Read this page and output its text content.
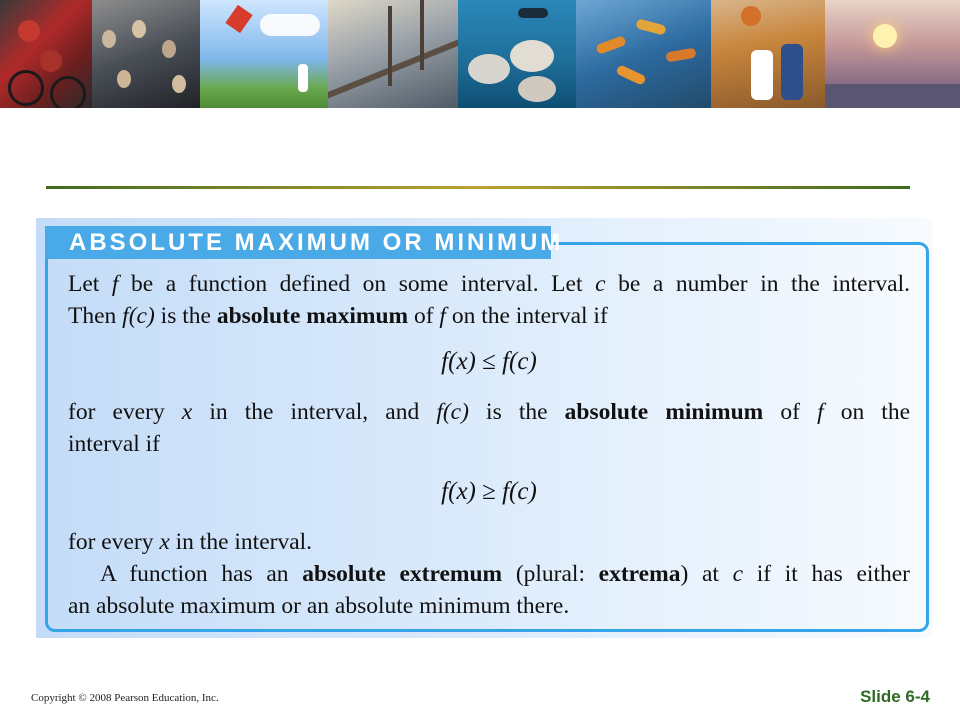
ABSOLUTE MAXIMUM OR MINIMUM
Let f be a function defined on some interval. Let c be a number in the interval.
Then f(c) is the absolute maximum of f on the interval if
f(x) ≤ f(c)
for every x in the interval, and f(c) is the absolute minimum of f on the
interval if
f(x) ≥ f(c)
for every x in the interval.
A function has an absolute extremum (plural: extrema) at c if it has either
an absolute maximum or an absolute minimum there.
Copyright © 2008 Pearson Education, Inc.	Slide 6-4
